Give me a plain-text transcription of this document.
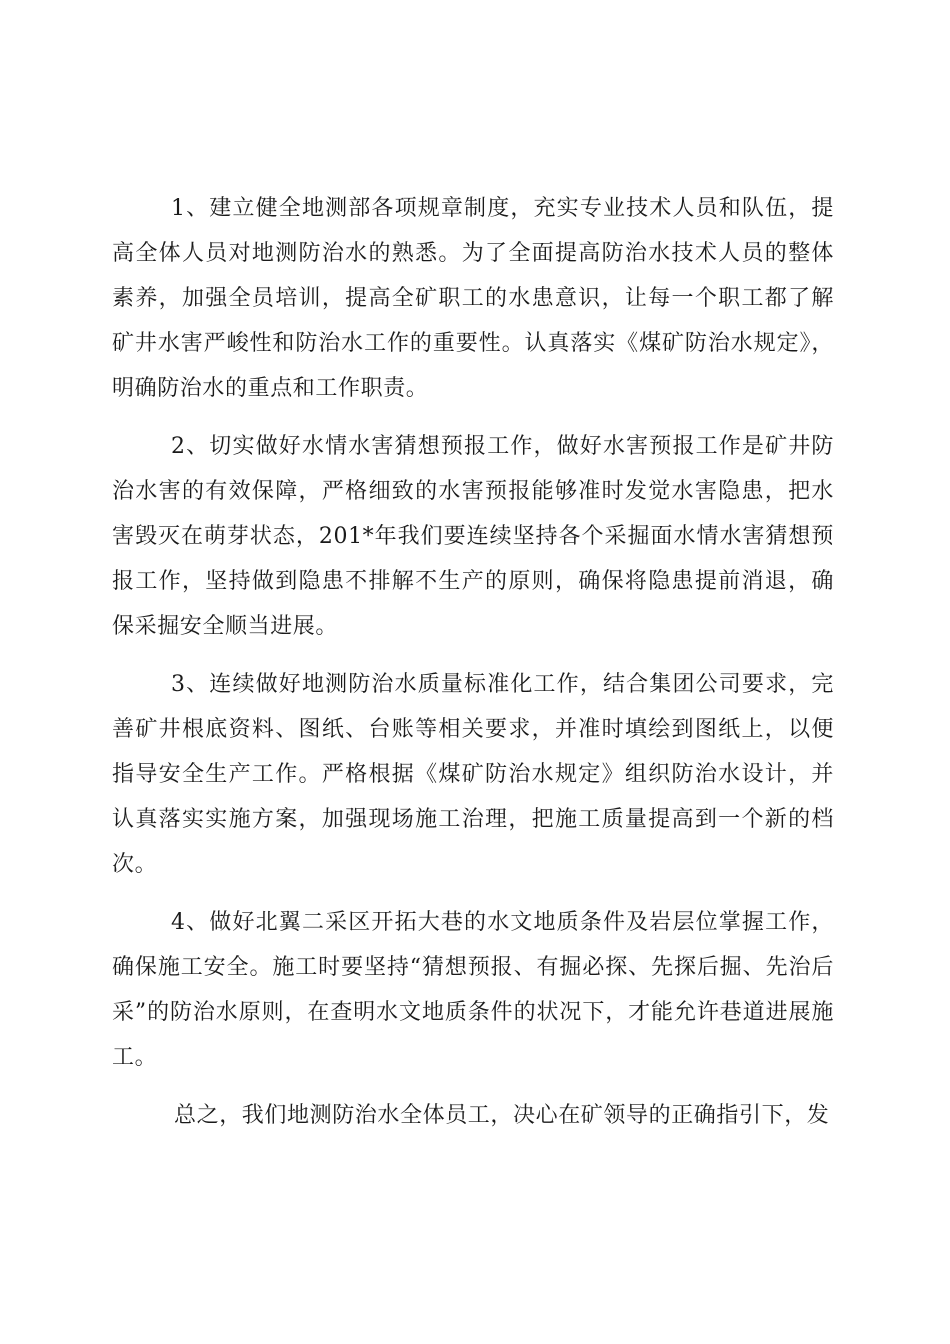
1、建立健全地测部各项规章制度，充实专业技术人员和队伍，提高全体人员对地测防治水的熟悉。为了全面提高防治水技术人员的整体素养，加强全员培训，提高全矿职工的水患意识，让每一个职工都了解矿井水害严峻性和防治水工作的重要性。认真落实《煤矿防治水规定》，明确防治水的重点和工作职责。

2、切实做好水情水害猜想预报工作，做好水害预报工作是矿井防治水害的有效保障，严格细致的水害预报能够准时发觉水害隐患，把水害毁灭在萌芽状态，201*年我们要连续坚持各个采掘面水情水害猜想预报工作，坚持做到隐患不排解不生产的原则，确保将隐患提前消退，确保采掘安全顺当进展。

3、连续做好地测防治水质量标准化工作，结合集团公司要求，完善矿井根底资料、图纸、台账等相关要求，并准时填绘到图纸上，以便指导安全生产工作。严格根据《煤矿防治水规定》组织防治水设计，并认真落实实施方案，加强现场施工治理，把施工质量提高到一个新的档次。

4、做好北翼二采区开拓大巷的水文地质条件及岩层位掌握工作，确保施工安全。施工时要坚持“猜想预报、有掘必探、先探后掘、先治后采”的防治水原则，在查明水文地质条件的状况下，才能允许巷道进展施工。

总之，我们地测防治水全体员工，决心在矿领导的正确指引下，发
